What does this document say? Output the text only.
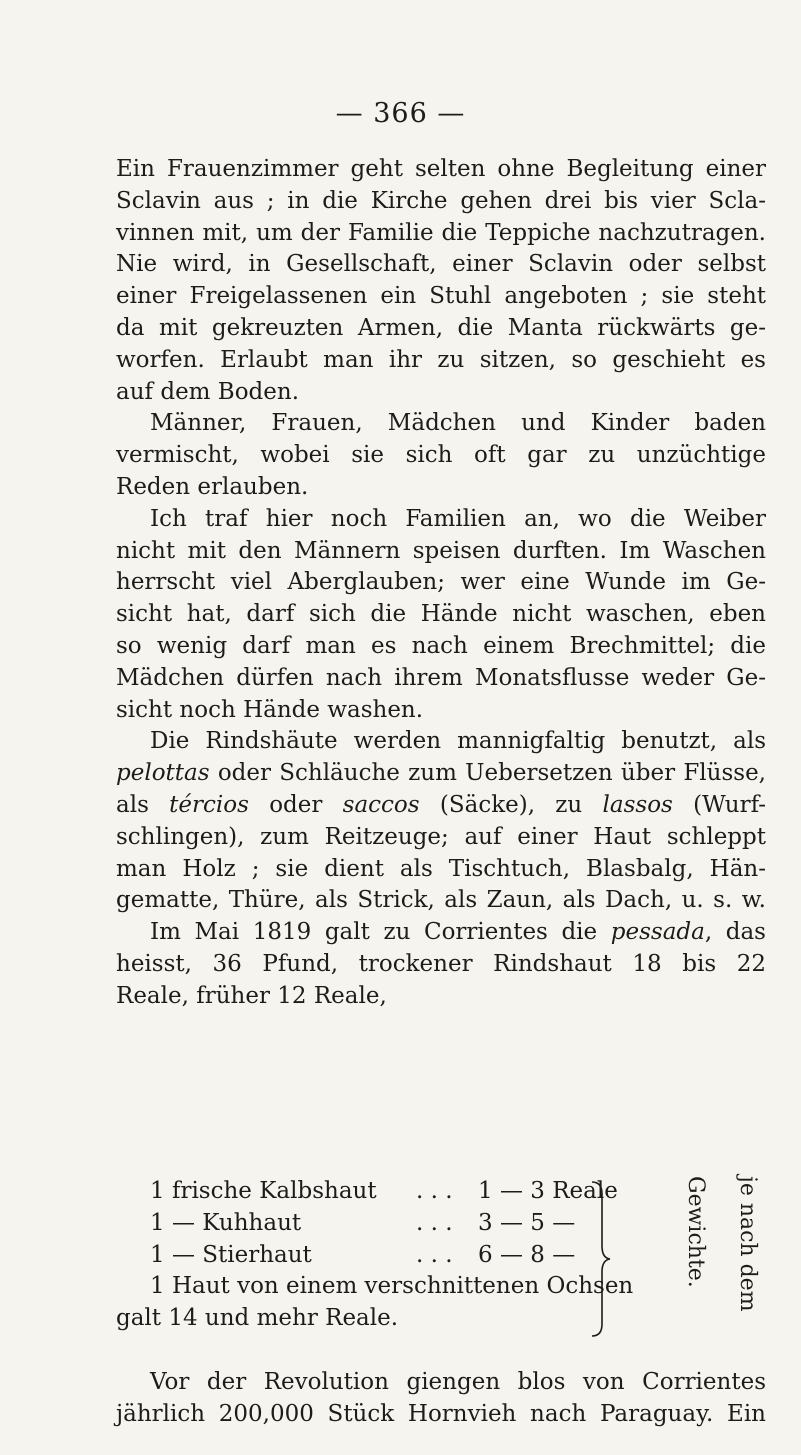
— 366 —
Ein Frauenzimmer geht selten ohne Begleitung einer
Sclavin aus ; in die Kirche gehen drei bis vier Scla-
vinnen mit, um der Familie die Teppiche nachzutragen.
Nie wird, in Gesellschaft, einer Sclavin oder selbst
einer Freigelassenen ein Stuhl angeboten ; sie steht
da mit gekreuzten Armen, die Manta rückwärts ge-
worfen. Erlaubt man ihr zu sitzen, so geschieht es
auf dem Boden.
Männer, Frauen, Mädchen und Kinder baden
vermischt, wobei sie sich oft gar zu unzüchtige
Reden erlauben.
Ich traf hier noch Familien an, wo die Weiber
nicht mit den Männern speisen durften. Im Waschen
herrscht viel Aberglauben; wer eine Wunde im Ge-
sicht hat, darf sich die Hände nicht waschen, eben
so wenig darf man es nach einem Brechmittel; die
Mädchen dürfen nach ihrem Monatsflusse weder Ge-
sicht noch Hände washen.
Die Rindshäute werden mannigfaltig benutzt, als
pelottas oder Schläuche zum Uebersetzen über Flüsse,
als tércios oder saccos (Säcke), zu lassos (Wurf-
schlingen), zum Reitzeuge; auf einer Haut schleppt
man Holz ; sie dient als Tischtuch, Blasbalg, Hän-
gematte, Thüre, als Strick, als Zaun, als Dach, u. s. w.
Im Mai 1819 galt zu Corrientes die pessada, das
heisst, 36 Pfund, trockener Rindshaut 18 bis 22
Reale, früher 12 Reale,
1 frische Kalbshaut . . . 1 — 3 Reale
1 — Kuhhaut	. . . 3 — 5 —
1 — Stierhaut	. . . 6 — 8 —
1 Haut von einem verschnittenen Ochsen
galt 14 und mehr Reale.
Gewichte. je nach dem
Vor der Revolution giengen blos von Corrientes
jährlich 200,000 Stück Hornvieh nach Paraguay. Ein
